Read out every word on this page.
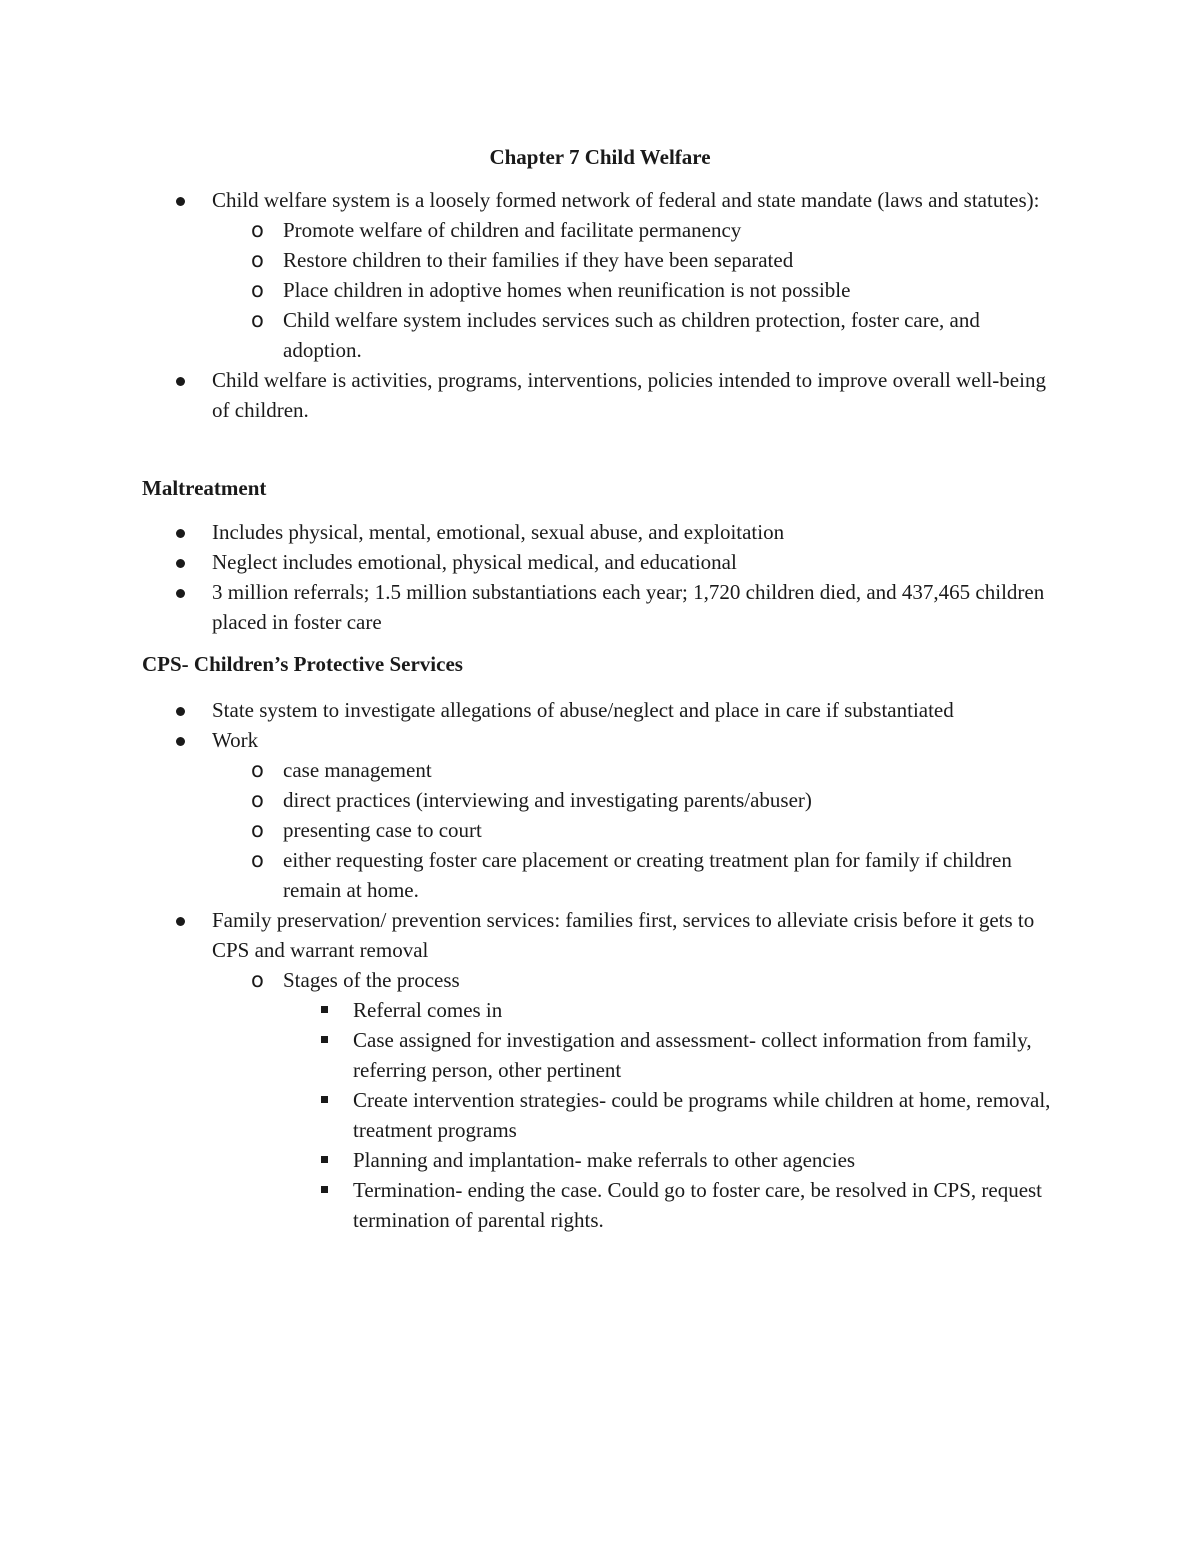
Chapter 7 Child Welfare
Child welfare system is a loosely formed network of federal and state mandate (laws and statutes):
o Promote welfare of children and facilitate permanency
o Restore children to their families if they have been separated
o Place children in adoptive homes when reunification is not possible
o Child welfare system includes services such as children protection, foster care, and adoption.
Child welfare is activities, programs, interventions, policies intended to improve overall well-being of children.
Maltreatment
Includes physical, mental, emotional, sexual abuse, and exploitation
Neglect includes emotional, physical medical, and educational
3 million referrals; 1.5 million substantiations each year; 1,720 children died, and 437,465 children placed in foster care
CPS- Children’s Protective Services
State system to investigate allegations of abuse/neglect and place in care if substantiated
Work
o case management
o direct practices (interviewing and investigating parents/abuser)
o presenting case to court
o either requesting foster care placement or creating treatment plan for family if children remain at home.
Family preservation/ prevention services: families first, services to alleviate crisis before it gets to CPS and warrant removal
o Stages of the process
Referral comes in
Case assigned for investigation and assessment- collect information from family, referring person, other pertinent
Create intervention strategies- could be programs while children at home, removal, treatment programs
Planning and implantation- make referrals to other agencies
Termination- ending the case. Could go to foster care, be resolved in CPS, request termination of parental rights.
